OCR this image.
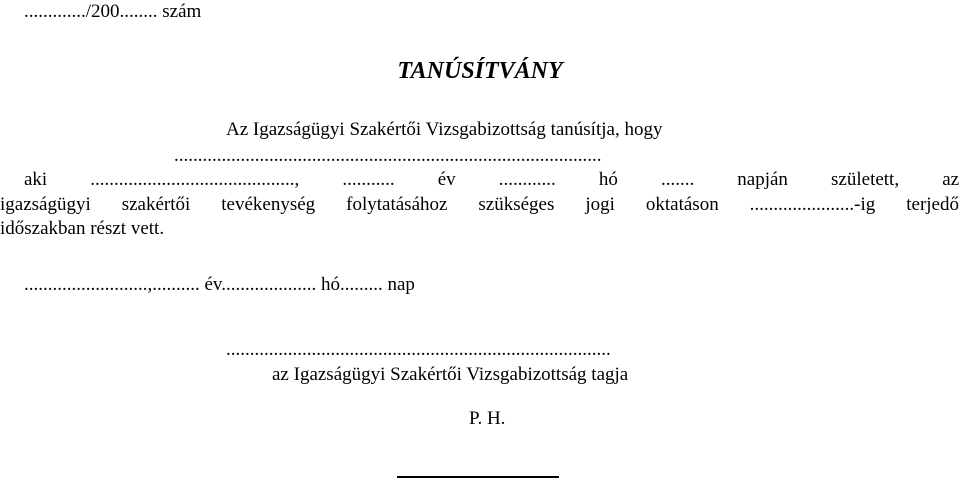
............./200........ szám
TANÚSÍTVÁNY
Az Igazságügyi Szakértői Vizsgabizottság tanúsítja, hogy
..........................................................................................
aki ..........................................., ........... év ............ hó ....... napján született, az
igazságügyi szakértői tevékenység folytatásához szükséges jogi oktatáson ......................-ig terjedő
időszakban részt vett.
..........................,.......... év.................... hó......... nap
.................................................................................
az Igazságügyi Szakértői Vizsgabizottság tagja
P. H.
